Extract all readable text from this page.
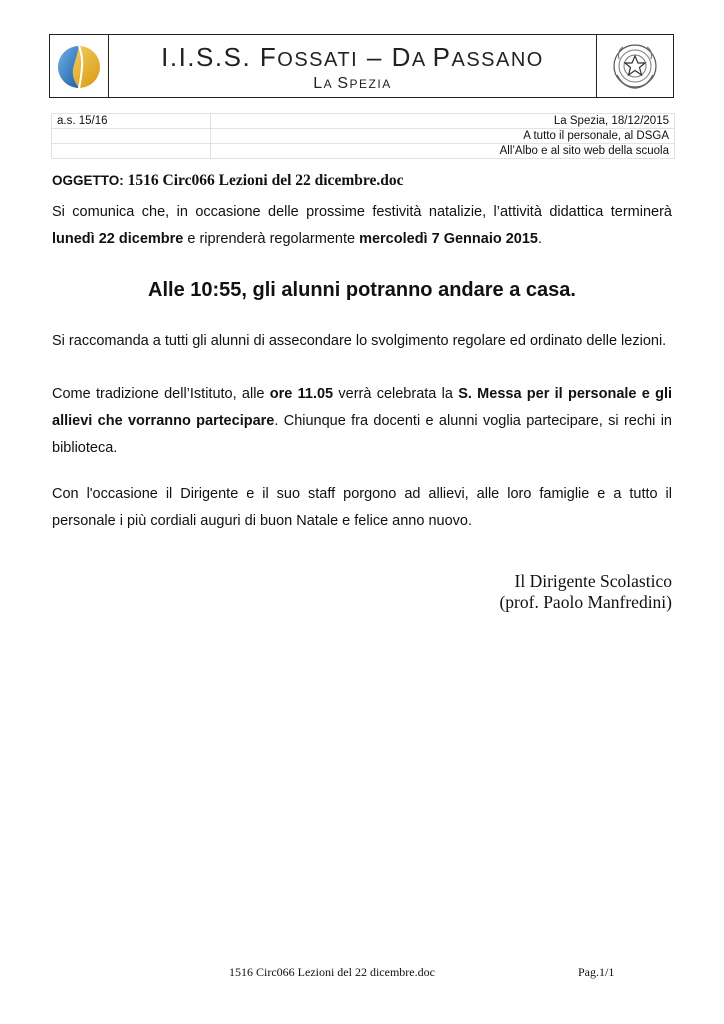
I.I.S.S. FOSSATI – DA PASSANO
LA SPEZIA
a.s. 15/16	La Spezia, 18/12/2015
	A tutto il personale, al DSGA
	All’Albo e al sito web della scuola
OGGETTO: 1516 Circ066 Lezioni del 22 dicembre.doc

Si comunica che, in occasione delle prossime festività natalizie, l’attività didattica terminerà lunedì 22 dicembre e riprenderà regolarmente mercoledì 7 Gennaio 2015.

Alle 10:55, gli alunni potranno andare a casa.

Si raccomanda a tutti gli alunni di assecondare lo svolgimento regolare ed ordinato delle lezioni.

Come tradizione dell’Istituto, alle ore 11.05 verrà celebrata la S. Messa per il personale e gli allievi che vorranno partecipare. Chiunque fra docenti e alunni voglia partecipare, si rechi in biblioteca.

Con l'occasione il Dirigente e il suo staff porgono ad allievi, alle loro famiglie e a tutto il personale i più cordiali auguri di buon Natale e felice anno nuovo.

Il Dirigente Scolastico
(prof. Paolo Manfredini)
1516 Circ066 Lezioni del 22 dicembre.doc	Pag.1/1
